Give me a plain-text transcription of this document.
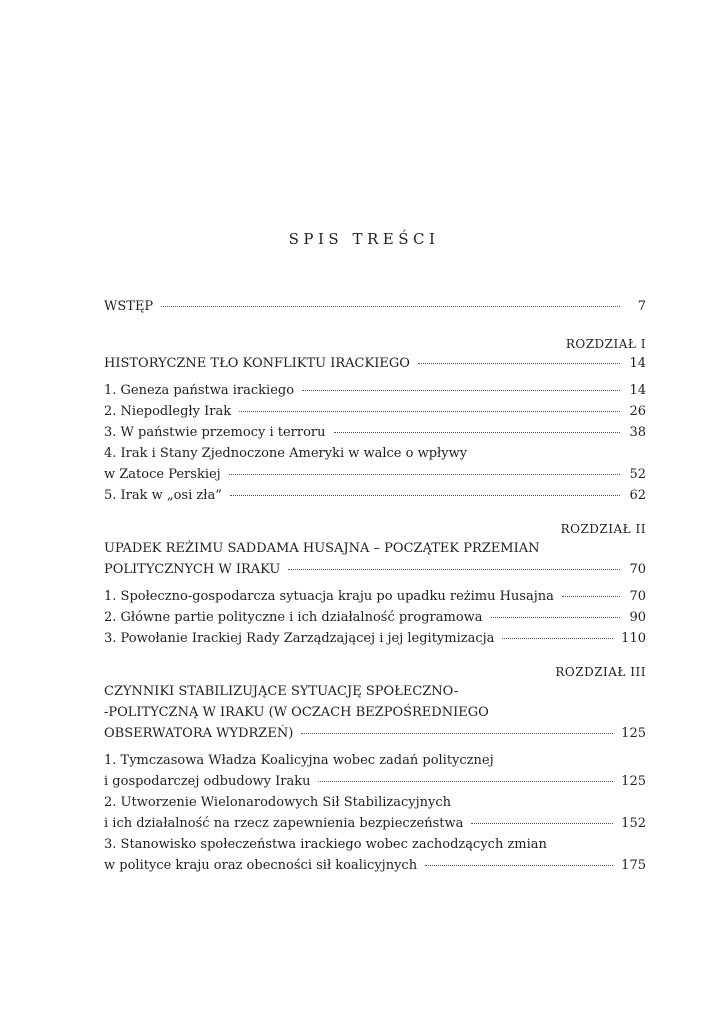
SPIS TREŚCI
WSTĘP	7
ROZDZIAŁ I
HISTORYCZNE TŁO KONFLIKTU IRACKIEGO	14
1. Geneza państwa irackiego	14
2. Niepodległy Irak	26
3. W państwie przemocy i terroru	38
4. Irak i Stany Zjednoczone Ameryki w walce o wpływy
w Zatoce Perskiej	52
5. Irak w „osi zła”	62
ROZDZIAŁ II
UPADEK REŻIMU SADDAMA HUSAJNA – POCZĄTEK PRZEMIAN
POLITYCZNYCH W IRAKU	70
1. Społeczno-gospodarcza sytuacja kraju po upadku reżimu Husajna	70
2. Główne partie polityczne i ich działalność programowa	90
3. Powołanie Irackiej Rady Zarządzającej i jej legitymizacja	110
ROZDZIAŁ III
CZYNNIKI STABILIZUJĄCE SYTUACJĘ SPOŁECZNO-
-POLITYCZNĄ W IRAKU (W OCZACH BEZPOŚREDNIEGO
OBSERWATORA WYDRZEŃ)	125
1. Tymczasowa Władza Koalicyjna wobec zadań politycznej
i gospodarczej odbudowy Iraku	125
2. Utworzenie Wielonarodowych Sił Stabilizacyjnych
i ich działalność na rzecz zapewnienia bezpieczeństwa	152
3. Stanowisko społeczeństwa irackiego wobec zachodzących zmian
w polityce kraju oraz obecności sił koalicyjnych	175
